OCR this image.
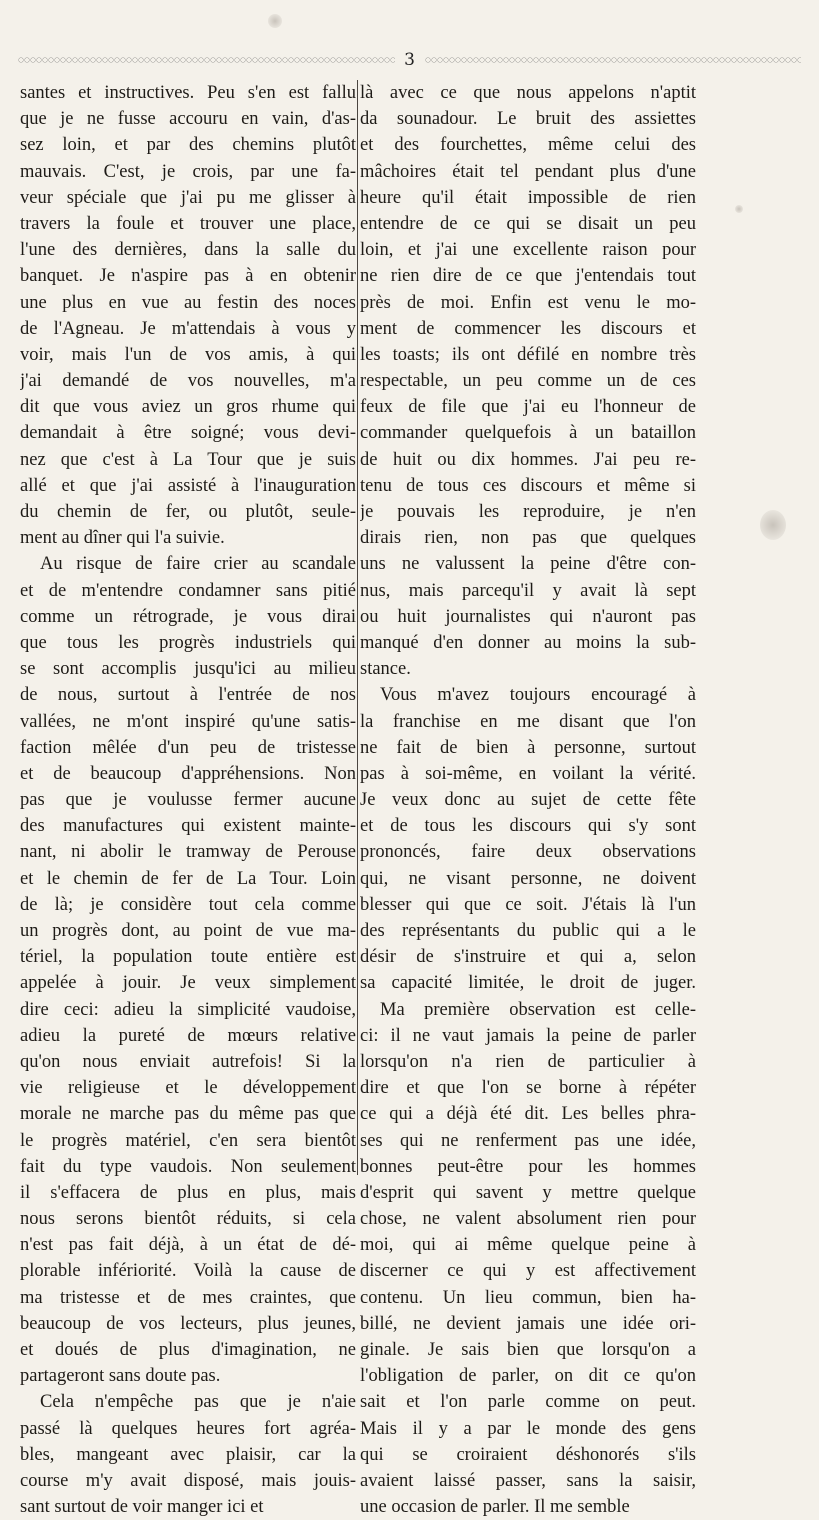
3
santes et instructives. Peu s'en est fallu
que je ne fusse accouru en vain, d'as-
sez loin, et par des chemins plutôt
mauvais. C'est, je crois, par une fa-
veur spéciale que j'ai pu me glisser à
travers la foule et trouver une place,
l'une des dernières, dans la salle du
banquet. Je n'aspire pas à en obtenir
une plus en vue au festin des noces
de l'Agneau. Je m'attendais à vous y
voir, mais l'un de vos amis, à qui
j'ai demandé de vos nouvelles, m'a
dit que vous aviez un gros rhume qui
demandait à être soigné; vous devi-
nez que c'est à La Tour que je suis
allé et que j'ai assisté à l'inauguration
du chemin de fer, ou plutôt, seule-
ment au dîner qui l'a suivie.
Au risque de faire crier au scandale
et de m'entendre condamner sans pitié
comme un rétrograde, je vous dirai
que tous les progrès industriels qui
se sont accomplis jusqu'ici au milieu
de nous, surtout à l'entrée de nos
vallées, ne m'ont inspiré qu'une satis-
faction mêlée d'un peu de tristesse
et de beaucoup d'appréhensions. Non
pas que je voulusse fermer aucune
des manufactures qui existent mainte-
nant, ni abolir le tramway de Perouse
et le chemin de fer de La Tour. Loin
de là; je considère tout cela comme
un progrès dont, au point de vue ma-
tériel, la population toute entière est
appelée à jouir. Je veux simplement
dire ceci: adieu la simplicité vaudoise,
adieu la pureté de mœurs relative
qu'on nous enviait autrefois! Si la
vie religieuse et le développement
morale ne marche pas du même pas que
le progrès matériel, c'en sera bientôt
fait du type vaudois. Non seulement
il s'effacera de plus en plus, mais
nous serons bientôt réduits, si cela
n'est pas fait déjà, à un état de dé-
plorable infériorité. Voilà la cause de
ma tristesse et de mes craintes, que
beaucoup de vos lecteurs, plus jeunes,
et doués de plus d'imagination, ne
partageront sans doute pas.
Cela n'empêche pas que je n'aie
passé là quelques heures fort agréa-
bles, mangeant avec plaisir, car la
course m'y avait disposé, mais jouis-
sant surtout de voir manger ici et
là avec ce que nous appelons n'aptit
da sounadour. Le bruit des assiettes
et des fourchettes, même celui des
mâchoires était tel pendant plus d'une
heure qu'il était impossible de rien
entendre de ce qui se disait un peu
loin, et j'ai une excellente raison pour
ne rien dire de ce que j'entendais tout
près de moi. Enfin est venu le mo-
ment de commencer les discours et
les toasts; ils ont défilé en nombre très
respectable, un peu comme un de ces
feux de file que j'ai eu l'honneur de
commander quelquefois à un bataillon
de huit ou dix hommes. J'ai peu re-
tenu de tous ces discours et même si
je pouvais les reproduire, je n'en
dirais rien, non pas que quelques
uns ne valussent la peine d'être con-
nus, mais parcequ'il y avait là sept
ou huit journalistes qui n'auront pas
manqué d'en donner au moins la sub-
stance.
Vous m'avez toujours encouragé à
la franchise en me disant que l'on
ne fait de bien à personne, surtout
pas à soi-même, en voilant la vérité.
Je veux donc au sujet de cette fête
et de tous les discours qui s'y sont
prononcés, faire deux observations
qui, ne visant personne, ne doivent
blesser qui que ce soit. J'étais là l'un
des représentants du public qui a le
désir de s'instruire et qui a, selon
sa capacité limitée, le droit de juger.
Ma première observation est celle-
ci: il ne vaut jamais la peine de parler
lorsqu'on n'a rien de particulier à
dire et que l'on se borne à répéter
ce qui a déjà été dit. Les belles phra-
ses qui ne renferment pas une idée,
bonnes peut-être pour les hommes
d'esprit qui savent y mettre quelque
chose, ne valent absolument rien pour
moi, qui ai même quelque peine à
discerner ce qui y est affectivement
contenu. Un lieu commun, bien ha-
billé, ne devient jamais une idée ori-
ginale. Je sais bien que lorsqu'on a
l'obligation de parler, on dit ce qu'on
sait et l'on parle comme on peut.
Mais il y a par le monde des gens
qui se croiraient déshonorés s'ils
avaient laissé passer, sans la saisir,
une occasion de parler. Il me semble
